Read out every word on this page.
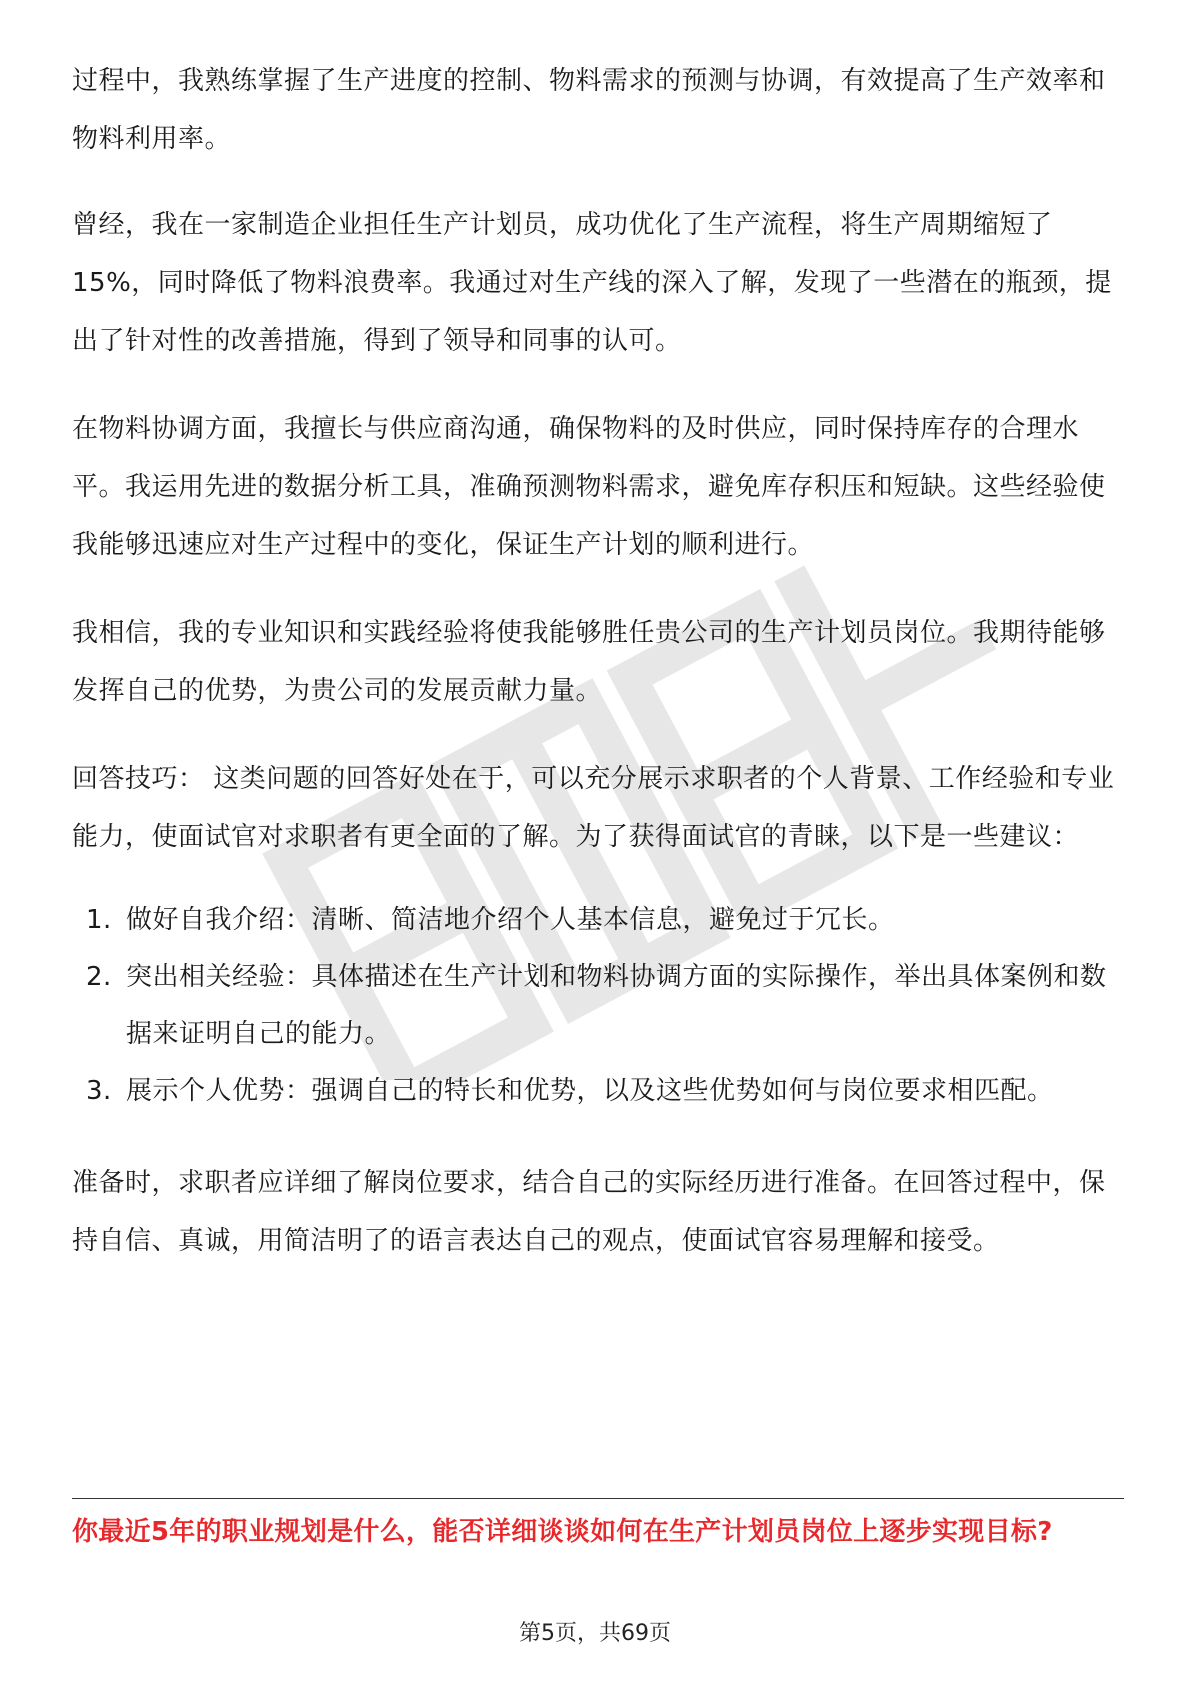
过程中，我熟练掌握了生产进度的控制、物料需求的预测与协调，有效提高了生产效率和物料利用率。

曾经，我在一家制造企业担任生产计划员，成功优化了生产流程，将生产周期缩短了15%，同时降低了物料浪费率。我通过对生产线的深入了解，发现了一些潜在的瓶颈，提出了针对性的改善措施，得到了领导和同事的认可。

在物料协调方面，我擅长与供应商沟通，确保物料的及时供应，同时保持库存的合理水平。我运用先进的数据分析工具，准确预测物料需求，避免库存积压和短缺。这些经验使我能够迅速应对生产过程中的变化，保证生产计划的顺利进行。

我相信，我的专业知识和实践经验将使我能够胜任贵公司的生产计划员岗位。我期待能够发挥自己的优势，为贵公司的发展贡献力量。

回答技巧： 这类问题的回答好处在于，可以充分展示求职者的个人背景、工作经验和专业能力，使面试官对求职者有更全面的了解。为了获得面试官的青睐，以下是一些建议：

1. 做好自我介绍：清晰、简洁地介绍个人基本信息，避免过于冗长。
2. 突出相关经验：具体描述在生产计划和物料协调方面的实际操作，举出具体案例和数据来证明自己的能力。
3. 展示个人优势：强调自己的特长和优势，以及这些优势如何与岗位要求相匹配。

准备时，求职者应详细了解岗位要求，结合自己的实际经历进行准备。在回答过程中，保持自信、真诚，用简洁明了的语言表达自己的观点，使面试官容易理解和接受。

你最近5年的职业规划是什么，能否详细谈谈如何在生产计划员岗位上逐步实现目标?
第5页，共69页
